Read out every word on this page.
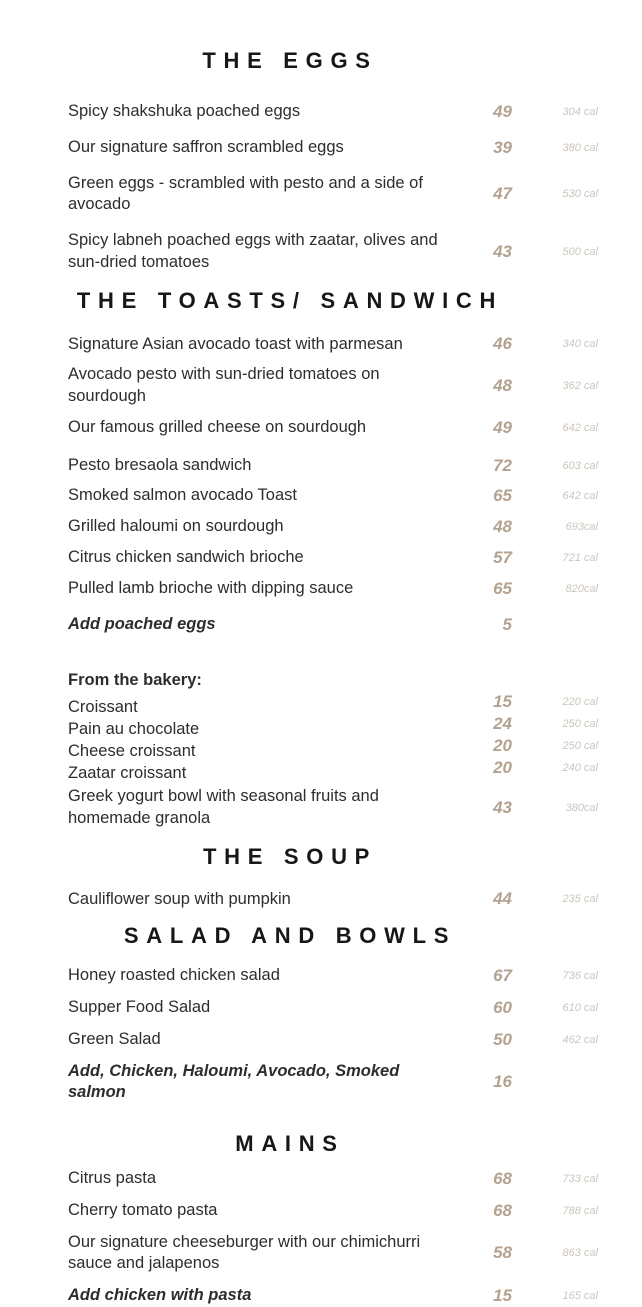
THE EGGS
Spicy shakshuka poached eggs	49	304 cal
Our signature saffron scrambled eggs	39	380 cal
Green eggs - scrambled with pesto and a side of avocado
47	530 cal
Spicy labneh poached eggs with zaatar, olives and sun-dried tomatoes
43	500 cal
THE TOASTS/ SANDWICH
Signature Asian avocado toast with parmesan	46	340 cal
Avocado pesto with sun-dried tomatoes on sourdough
48	362 cal
Our famous grilled cheese on sourdough	49	642 cal
Pesto bresaola sandwich	72	603 cal
Smoked salmon avocado Toast	65	642 cal
Grilled haloumi on sourdough	48	693cal
Citrus chicken sandwich brioche	57	721 cal
Pulled lamb brioche with dipping sauce	65	820cal
Add poached eggs	5
From the bakery:
Croissant	15	220 cal
Pain au chocolate	24	250 cal
Cheese croissant	20	250 cal
Zaatar croissant	20	240 cal
Greek yogurt bowl with seasonal fruits and homemade granola
43	380cal
THE SOUP
Cauliflower soup with pumpkin	44	235 cal
SALAD AND BOWLS
Honey roasted chicken salad	67	736 cal
Supper Food Salad	60	610 cal
Green Salad	50	462 cal
Add, Chicken, Haloumi, Avocado, Smoked salmon
16
MAINS
Citrus pasta	68	733 cal
Cherry tomato pasta	68	788 cal
Our signature cheeseburger with our chimichurri sauce and jalapenos
58	863 cal
Add chicken with pasta	15	165 cal
